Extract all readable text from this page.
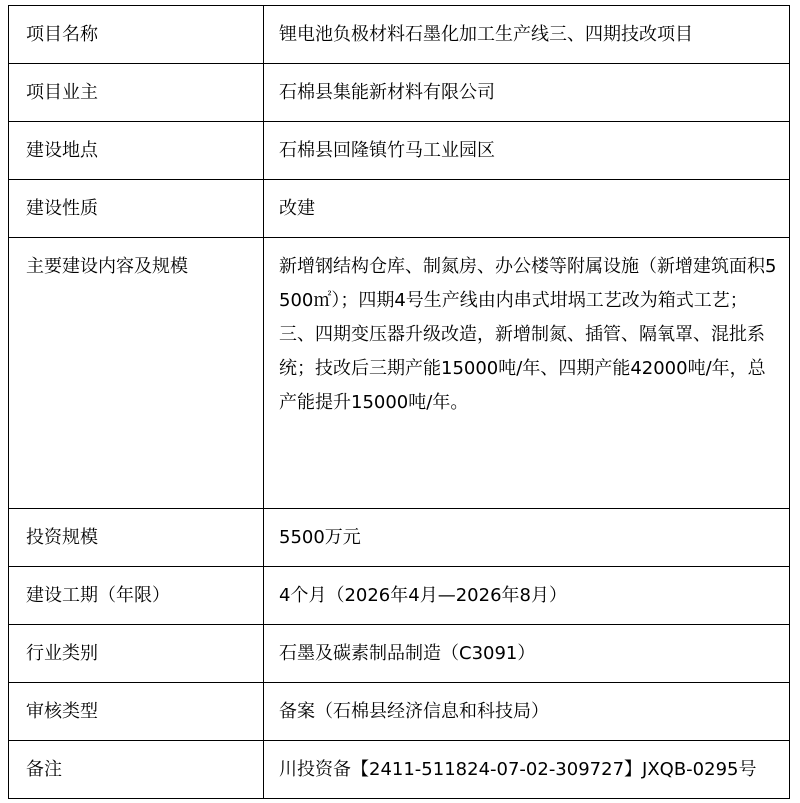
项目名称	锂电池负极材料石墨化加工生产线三、四期技改项目
项目业主	石棉县集能新材料有限公司
建设地点	石棉县回隆镇竹马工业园区
建设性质	改建
主要建设内容及规模	新增钢结构仓库、制氮房、办公楼等附属设施（新增建筑面积5500㎡）；四期4号生产线由内串式坩埚工艺改为箱式工艺；三、四期变压器升级改造，新增制氮、插管、隔氧罩、混批系统；技改后三期产能15000吨/年、四期产能42000吨/年，总产能提升15000吨/年。
投资规模	5500万元
建设工期（年限）	4个月（2026年4月—2026年8月）
行业类别	石墨及碳素制品制造（C3091）
审核类型	备案（石棉县经济信息和科技局）
备注	川投资备【2411-511824-07-02-309727】JXQB-0295号
